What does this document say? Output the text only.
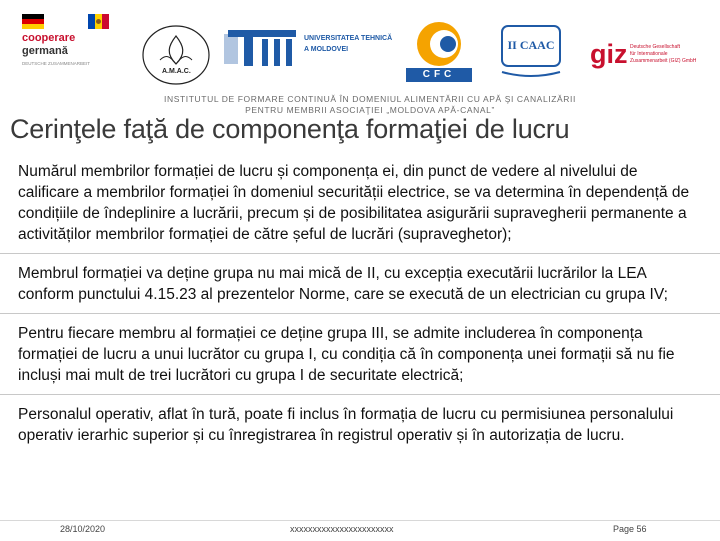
cooperare
germană
DEUTSCHE ZUSAMMENARBEIT
A.M.A.C.
UNIVERSITATEA TEHNICĂ
A MOLDOVEI
CFC
II CAAC giz Deutsche Gesellschaft
für Internationale
Zusammenarbeit (GIZ) GmbH
INSTITUTUL DE FORMARE CONTINUĂ ÎN DOMENIUL ALIMENTĂRII CU APĂ ŞI CANALIZĂRII
PENTRU MEMBRII ASOCIAŢIEI „MOLDOVA APĂ-CANAL”
Cerinţele faţă de componenţa formaţiei de lucru

Numărul membrilor formației de lucru și componența ei, din punct de vedere al nivelului de calificare a membrilor formației în domeniul securității electrice, se va determina în dependență de condițiile de îndeplinire a lucrării, precum și de posibilitatea asigurării supravegherii permanente a activităților membrilor formației de către șeful de lucrări (supraveghetor);

Membrul formației va deține grupa nu mai mică de II, cu excepția executării lucrărilor la LEA conform punctului 4.15.23 al prezentelor Norme, care se execută de un electrician cu grupa IV;

Pentru fiecare membru al formației ce deține grupa III, se admite includerea în componența formației de lucru a unui lucrător cu grupa I, cu condiția că în componența unei formații să nu fie incluși mai mult de trei lucrători cu grupa I de securitate electrică;

Personalul operativ, aflat în tură, poate fi inclus în formația de lucru cu permisiunea personalului operativ ierarhic superior și cu înregistrarea în registrul operativ și în autorizația de lucru.

28/10/2020	xxxxxxxxxxxxxxxxxxxxxxx	Page 56
